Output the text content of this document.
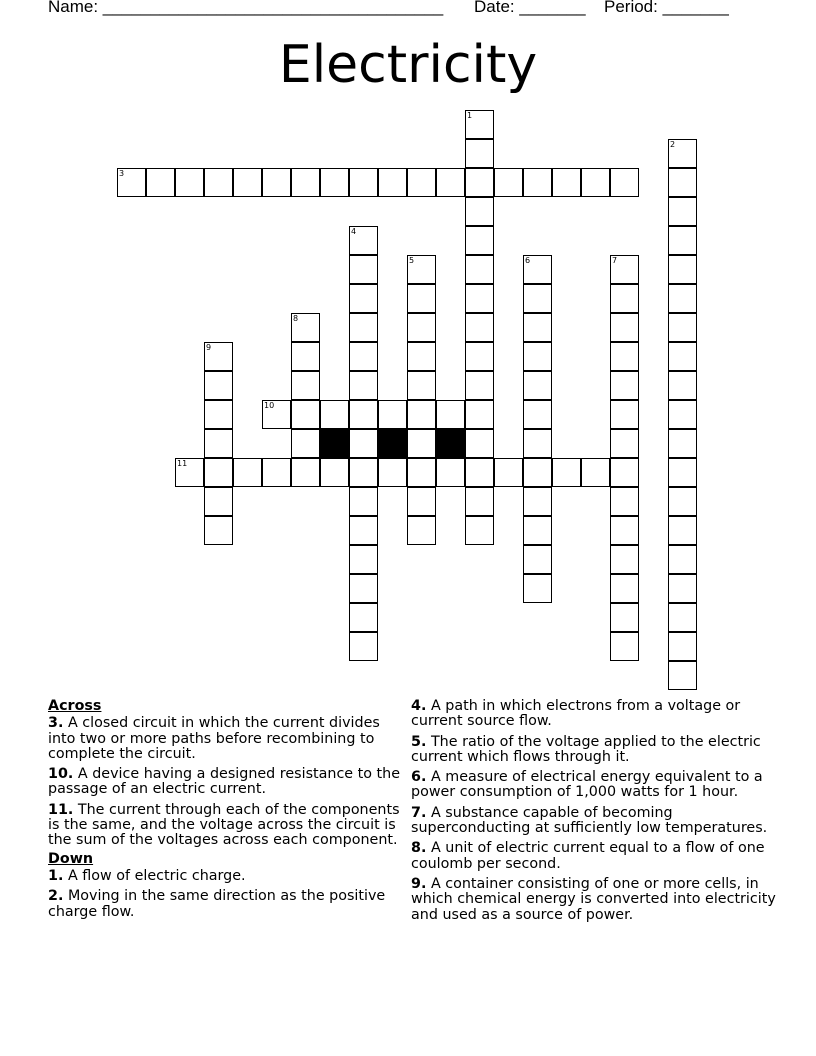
Name: ____________________________________ Date: _______ Period: _______
Electricity
1
2
3
4
5	6	7
8
9
10
11
Across
3. A closed circuit in which the current divides into two or more paths before recombining to complete the circuit.
10. A device having a designed resistance to the passage of an electric current.
11. The current through each of the components is the same, and the voltage across the circuit is the sum of the voltages across each component.
Down
1. A flow of electric charge.
2. Moving in the same direction as the positive charge flow.
4. A path in which electrons from a voltage or current source flow.
5. The ratio of the voltage applied to the electric current which flows through it.
6. A measure of electrical energy equivalent to a power consumption of 1,000 watts for 1 hour.
7. A substance capable of becoming superconducting at sufficiently low temperatures.
8. A unit of electric current equal to a flow of one coulomb per second.
9. A container consisting of one or more cells, in which chemical energy is converted into electricity and used as a source of power.
